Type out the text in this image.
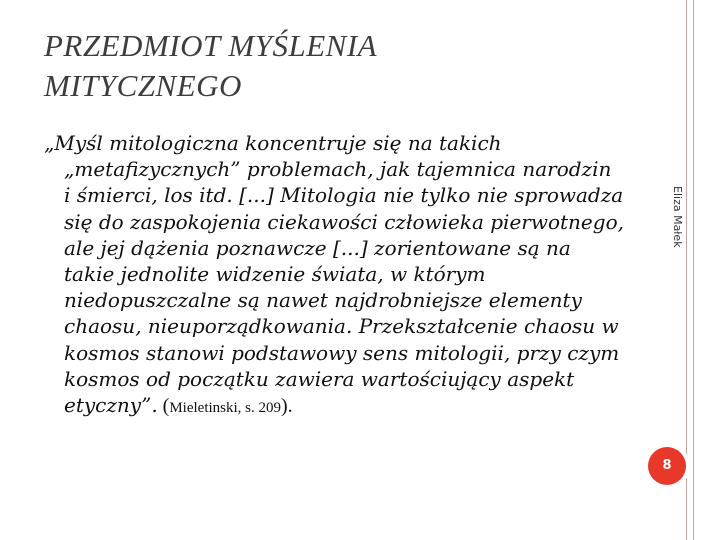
PRZEDMIOT MYŚLENIA
MITYCZNEGO

„Myśl mitologiczna koncentruje się na takich „metafizycznych” problemach, jak tajemnica narodzin i śmierci, los itd. [...] Mitologia nie tylko nie sprowadza się do zaspokojenia ciekawości człowieka pierwotnego, ale jej dążenia poznawcze [...] zorientowane są na takie jednolite widzenie świata, w którym niedopuszczalne są nawet najdrobniejsze elementy chaosu, nieuporządkowania. Przekształcenie chaosu w kosmos stanowi podstawowy sens mitologii, przy czym kosmos od początku zawiera wartościujący aspekt etyczny”. (Mieletinski, s. 209).

Eliza Małek
8
